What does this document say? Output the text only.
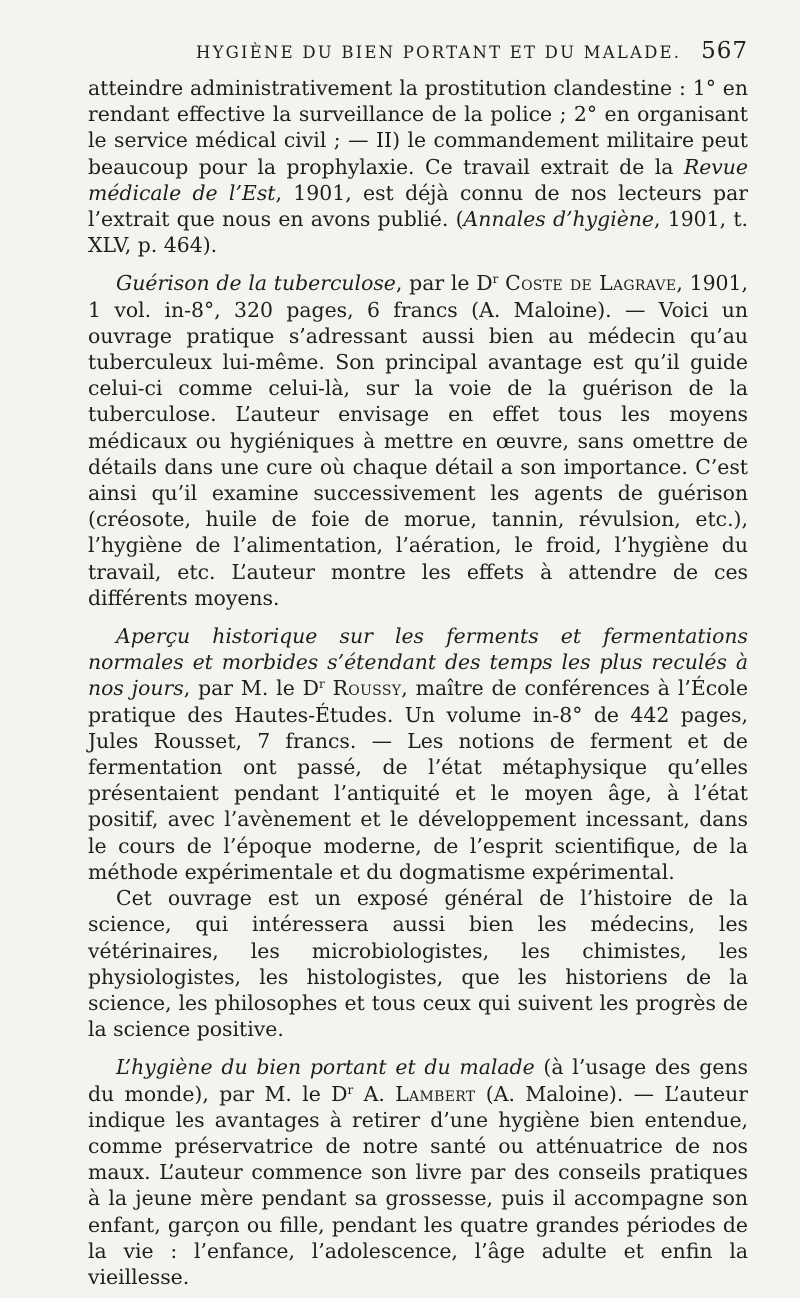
HYGIÈNE DU BIEN PORTANT ET DU MALADE. 567

atteindre administrativement la prostitution clandestine : 1° en rendant effective la surveillance de la police ; 2° en organisant le service médical civil ; — II) le commandement militaire peut beaucoup pour la prophylaxie. Ce travail extrait de la Revue médicale de l’Est, 1901, est déjà connu de nos lecteurs par l’extrait que nous en avons publié. (Annales d’hygiène, 1901, t. XLV, p. 464).

Guérison de la tuberculose, par le $D^r$ Coste de Lagrave, 1901, 1 vol. in-8°, 320 pages, 6 francs (A. Maloine). — Voici un ouvrage pratique s’adressant aussi bien au médecin qu’au tuberculeux lui-même. Son principal avantage est qu’il guide celui-ci comme celui-là, sur la voie de la guérison de la tuberculose. L’auteur envisage en effet tous les moyens médicaux ou hygiéniques à mettre en œuvre, sans omettre de détails dans une cure où chaque détail a son importance. C’est ainsi qu’il examine successivement les agents de guérison (créosote, huile de foie de morue, tannin, révulsion, etc.), l’hygiène de l’alimentation, l’aération, le froid, l’hygiène du travail, etc. L’auteur montre les effets à attendre de ces différents moyens.

Aperçu historique sur les ferments et fermentations normales et morbides s’étendant des temps les plus reculés à nos jours, par M. le $D^r$ Roussy, maître de conférences à l’École pratique des Hautes-Études. Un volume in-8° de 442 pages, Jules Rousset, 7 francs. — Les notions de ferment et de fermentation ont passé, de l’état métaphysique qu’elles présentaient pendant l’antiquité et le moyen âge, à l’état positif, avec l’avènement et le développement incessant, dans le cours de l’époque moderne, de l’esprit scientifique, de la méthode expérimentale et du dogmatisme expérimental.

Cet ouvrage est un exposé général de l’histoire de la science, qui intéressera aussi bien les médecins, les vétérinaires, les microbiologistes, les chimistes, les physiologistes, les histologistes, que les historiens de la science, les philosophes et tous ceux qui suivent les progrès de la science positive.

L’hygiène du bien portant et du malade (à l’usage des gens du monde), par M. le $D^r$ A. Lambert (A. Maloine). — L’auteur indique les avantages à retirer d’une hygiène bien entendue, comme préservatrice de notre santé ou atténuatrice de nos maux. L’auteur commence son livre par des conseils pratiques à la jeune mère pendant sa grossesse, puis il accompagne son enfant, garçon ou fille, pendant les quatre grandes périodes de la vie : l’enfance, l’adolescence, l’âge adulte et enfin la vieillesse.
